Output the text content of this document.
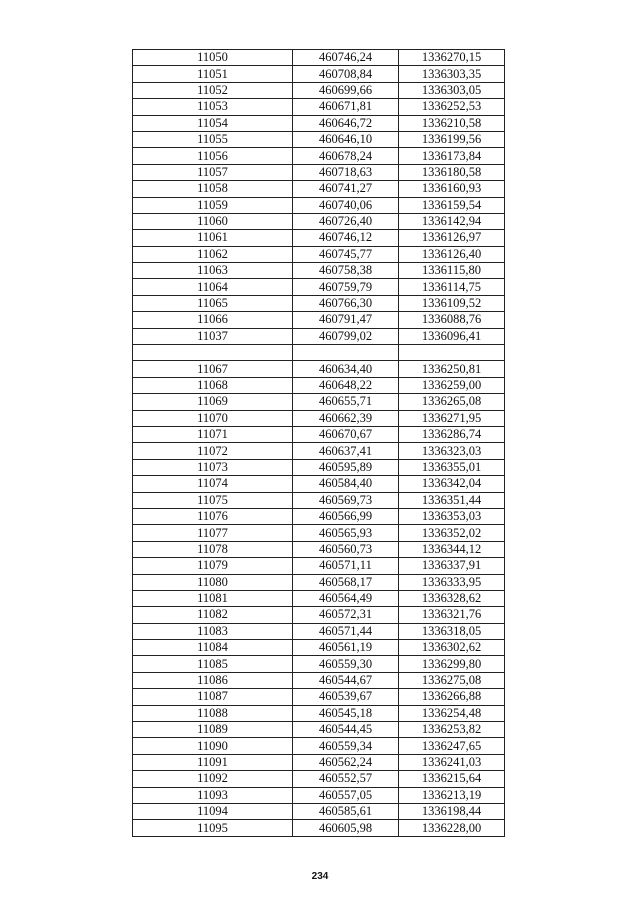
11050	460746,24	1336270,15
11051	460708,84	1336303,35
11052	460699,66	1336303,05
11053	460671,81	1336252,53
11054	460646,72	1336210,58
11055	460646,10	1336199,56
11056	460678,24	1336173,84
11057	460718,63	1336180,58
11058	460741,27	1336160,93
11059	460740,06	1336159,54
11060	460726,40	1336142,94
11061	460746,12	1336126,97
11062	460745,77	1336126,40
11063	460758,38	1336115,80
11064	460759,79	1336114,75
11065	460766,30	1336109,52
11066	460791,47	1336088,76
11037	460799,02	1336096,41

11067	460634,40	1336250,81
11068	460648,22	1336259,00
11069	460655,71	1336265,08
11070	460662,39	1336271,95
11071	460670,67	1336286,74
11072	460637,41	1336323,03
11073	460595,89	1336355,01
11074	460584,40	1336342,04
11075	460569,73	1336351,44
11076	460566,99	1336353,03
11077	460565,93	1336352,02
11078	460560,73	1336344,12
11079	460571,11	1336337,91
11080	460568,17	1336333,95
11081	460564,49	1336328,62
11082	460572,31	1336321,76
11083	460571,44	1336318,05
11084	460561,19	1336302,62
11085	460559,30	1336299,80
11086	460544,67	1336275,08
11087	460539,67	1336266,88
11088	460545,18	1336254,48
11089	460544,45	1336253,82
11090	460559,34	1336247,65
11091	460562,24	1336241,03
11092	460552,57	1336215,64
11093	460557,05	1336213,19
11094	460585,61	1336198,44
11095	460605,98	1336228,00
234
